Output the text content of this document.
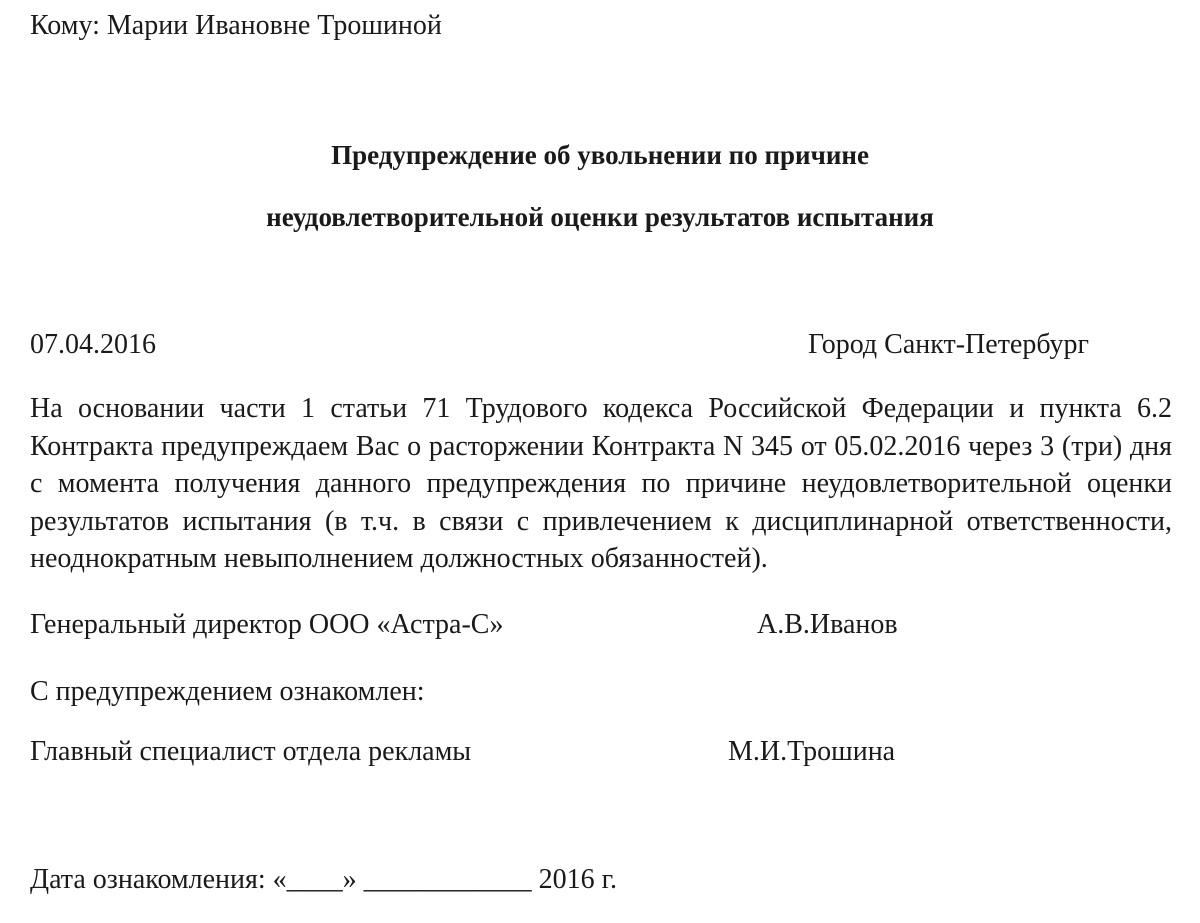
Кому: Марии Ивановне Трошиной
Предупреждение об увольнении по причине
неудовлетворительной оценки результатов испытания
07.04.2016	Город Санкт-Петербург
На основании части 1 статьи 71 Трудового кодекса Российской Федерации и пункта 6.2 Контракта предупреждаем Вас о расторжении Контракта N 345 от 05.02.2016 через 3 (три) дня с момента получения данного предупреждения по причине неудовлетворительной оценки результатов испытания (в т.ч. в связи с привлечением к дисциплинарной ответственности, неоднократным невыполнением должностных обязанностей).
Генеральный директор ООО «Астра-С»	А.В.Иванов
С предупреждением ознакомлен:
Главный специалист отдела рекламы	М.И.Трошина
Дата ознакомления: «____» ____________ 2016 г.
